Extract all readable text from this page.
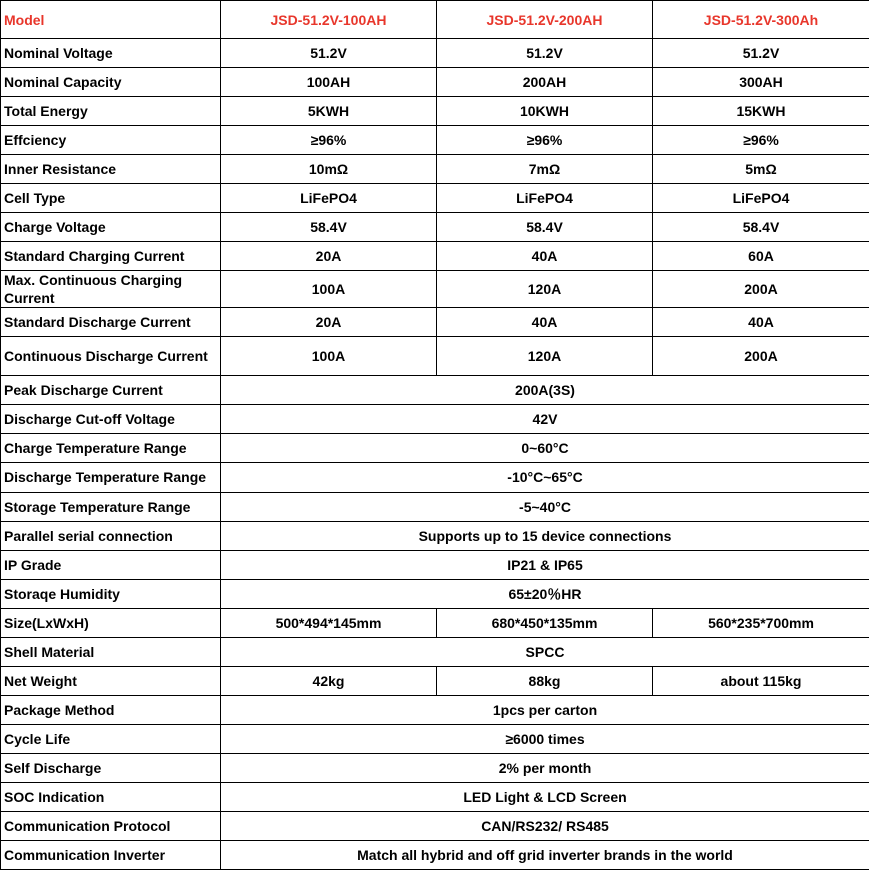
Model	JSD-51.2V-100AH	JSD-51.2V-200AH	JSD-51.2V-300Ah
Nominal Voltage	51.2V	51.2V	51.2V
Nominal Capacity	100AH	200AH	300AH
Total Energy	5KWH	10KWH	15KWH
Effciency	≥96%	≥96%	≥96%
Inner Resistance	10mΩ	7mΩ	5mΩ
Cell Type	LiFePO4	LiFePO4	LiFePO4
Charge Voltage	58.4V	58.4V	58.4V
Standard Charging Current	20A	40A	60A

Max. Continuous Charging Current	100A	120A	200A
Standard Discharge Current	20A	40A	40A

Continuous Discharge Current	100A	120A	200A
Peak Discharge Current	200A(3S)		
Discharge Cut-off Voltage	42V		
Charge Temperature Range	0~60°C		

Discharge Temperature Range	-10°C~65°C		
Storage Temperature Range	-5~40°C		
Parallel serial connection	Supports up to 15 device connections		
IP Grade	IP21 & IP65		
Storaqe Humidity	65±20％HR		
Size(LxWxH)	500*494*145mm	680*450*135mm	560*235*700mm
Shell Material	SPCC		
Net Weight	42kg	88kg	about 115kg
Package Method	1pcs per carton		
Cycle Life	≥6000 times		
Self Discharge	2% per month		
SOC Indication	LED Light & LCD Screen		
Communication Protocol	CAN/RS232/ RS485		
Communication Inverter	Match all hybrid and off grid inverter brands in the world		
